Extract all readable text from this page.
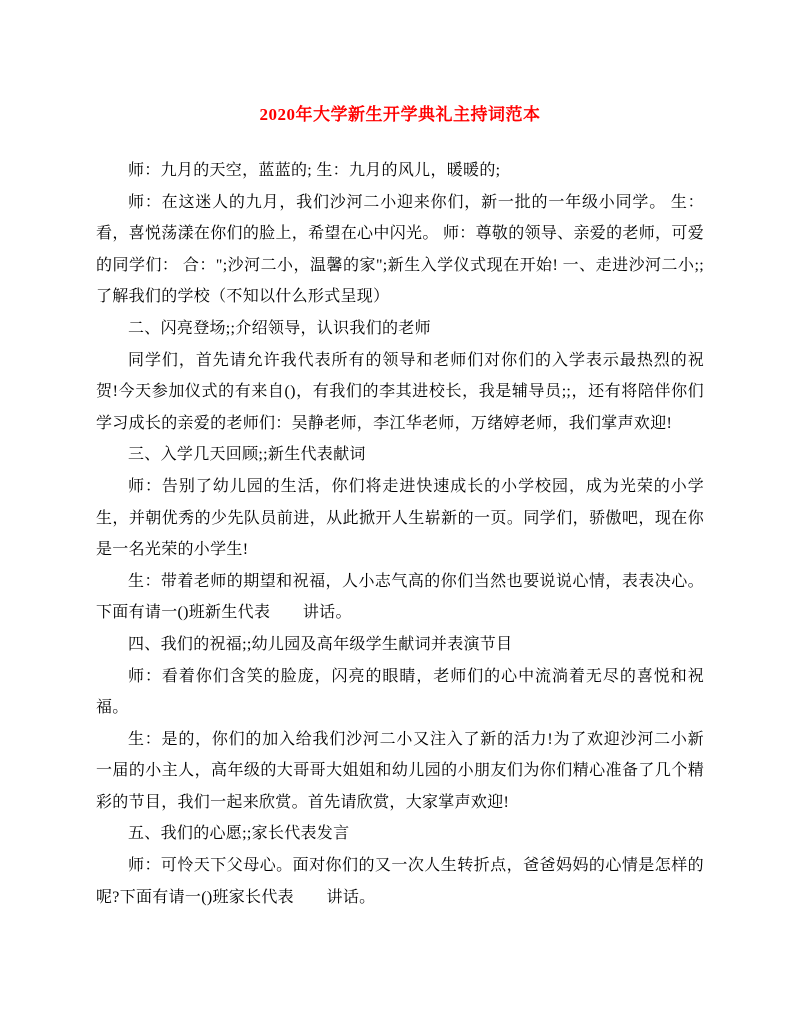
2020年大学新生开学典礼主持词范本

师：九月的天空，蓝蓝的; 生：九月的风儿，暖暖的;

师：在这迷人的九月，我们沙河二小迎来你们，新一批的一年级小同学。 生：看，喜悦荡漾在你们的脸上，希望在心中闪光。 师：尊敬的领导、亲爱的老师，可爱的同学们： 合：";沙河二小，温馨的家";新生入学仪式现在开始! 一、走进沙河二小;;了解我们的学校（不知以什么形式呈现）

二、闪亮登场;;介绍领导，认识我们的老师

同学们，首先请允许我代表所有的领导和老师们对你们的入学表示最热烈的祝贺!今天参加仪式的有来自()，有我们的李其进校长，我是辅导员;;，还有将陪伴你们学习成长的亲爱的老师们：吴静老师，李江华老师，万绪婷老师，我们掌声欢迎!

三、入学几天回顾;;新生代表献词

师：告别了幼儿园的生活，你们将走进快速成长的小学校园，成为光荣的小学生，并朝优秀的少先队员前进，从此掀开人生崭新的一页。同学们，骄傲吧，现在你是一名光荣的小学生!

生：带着老师的期望和祝福，人小志气高的你们当然也要说说心情，表表决心。下面有请一()班新生代表　　讲话。

四、我们的祝福;;幼儿园及高年级学生献词并表演节目

师：看着你们含笑的脸庞，闪亮的眼睛，老师们的心中流淌着无尽的喜悦和祝福。

生：是的，你们的加入给我们沙河二小又注入了新的活力!为了欢迎沙河二小新一届的小主人，高年级的大哥哥大姐姐和幼儿园的小朋友们为你们精心准备了几个精彩的节目，我们一起来欣赏。首先请欣赏，大家掌声欢迎!

五、我们的心愿;;家长代表发言

师：可怜天下父母心。面对你们的又一次人生转折点，爸爸妈妈的心情是怎样的呢?下面有请一()班家长代表　　讲话。
